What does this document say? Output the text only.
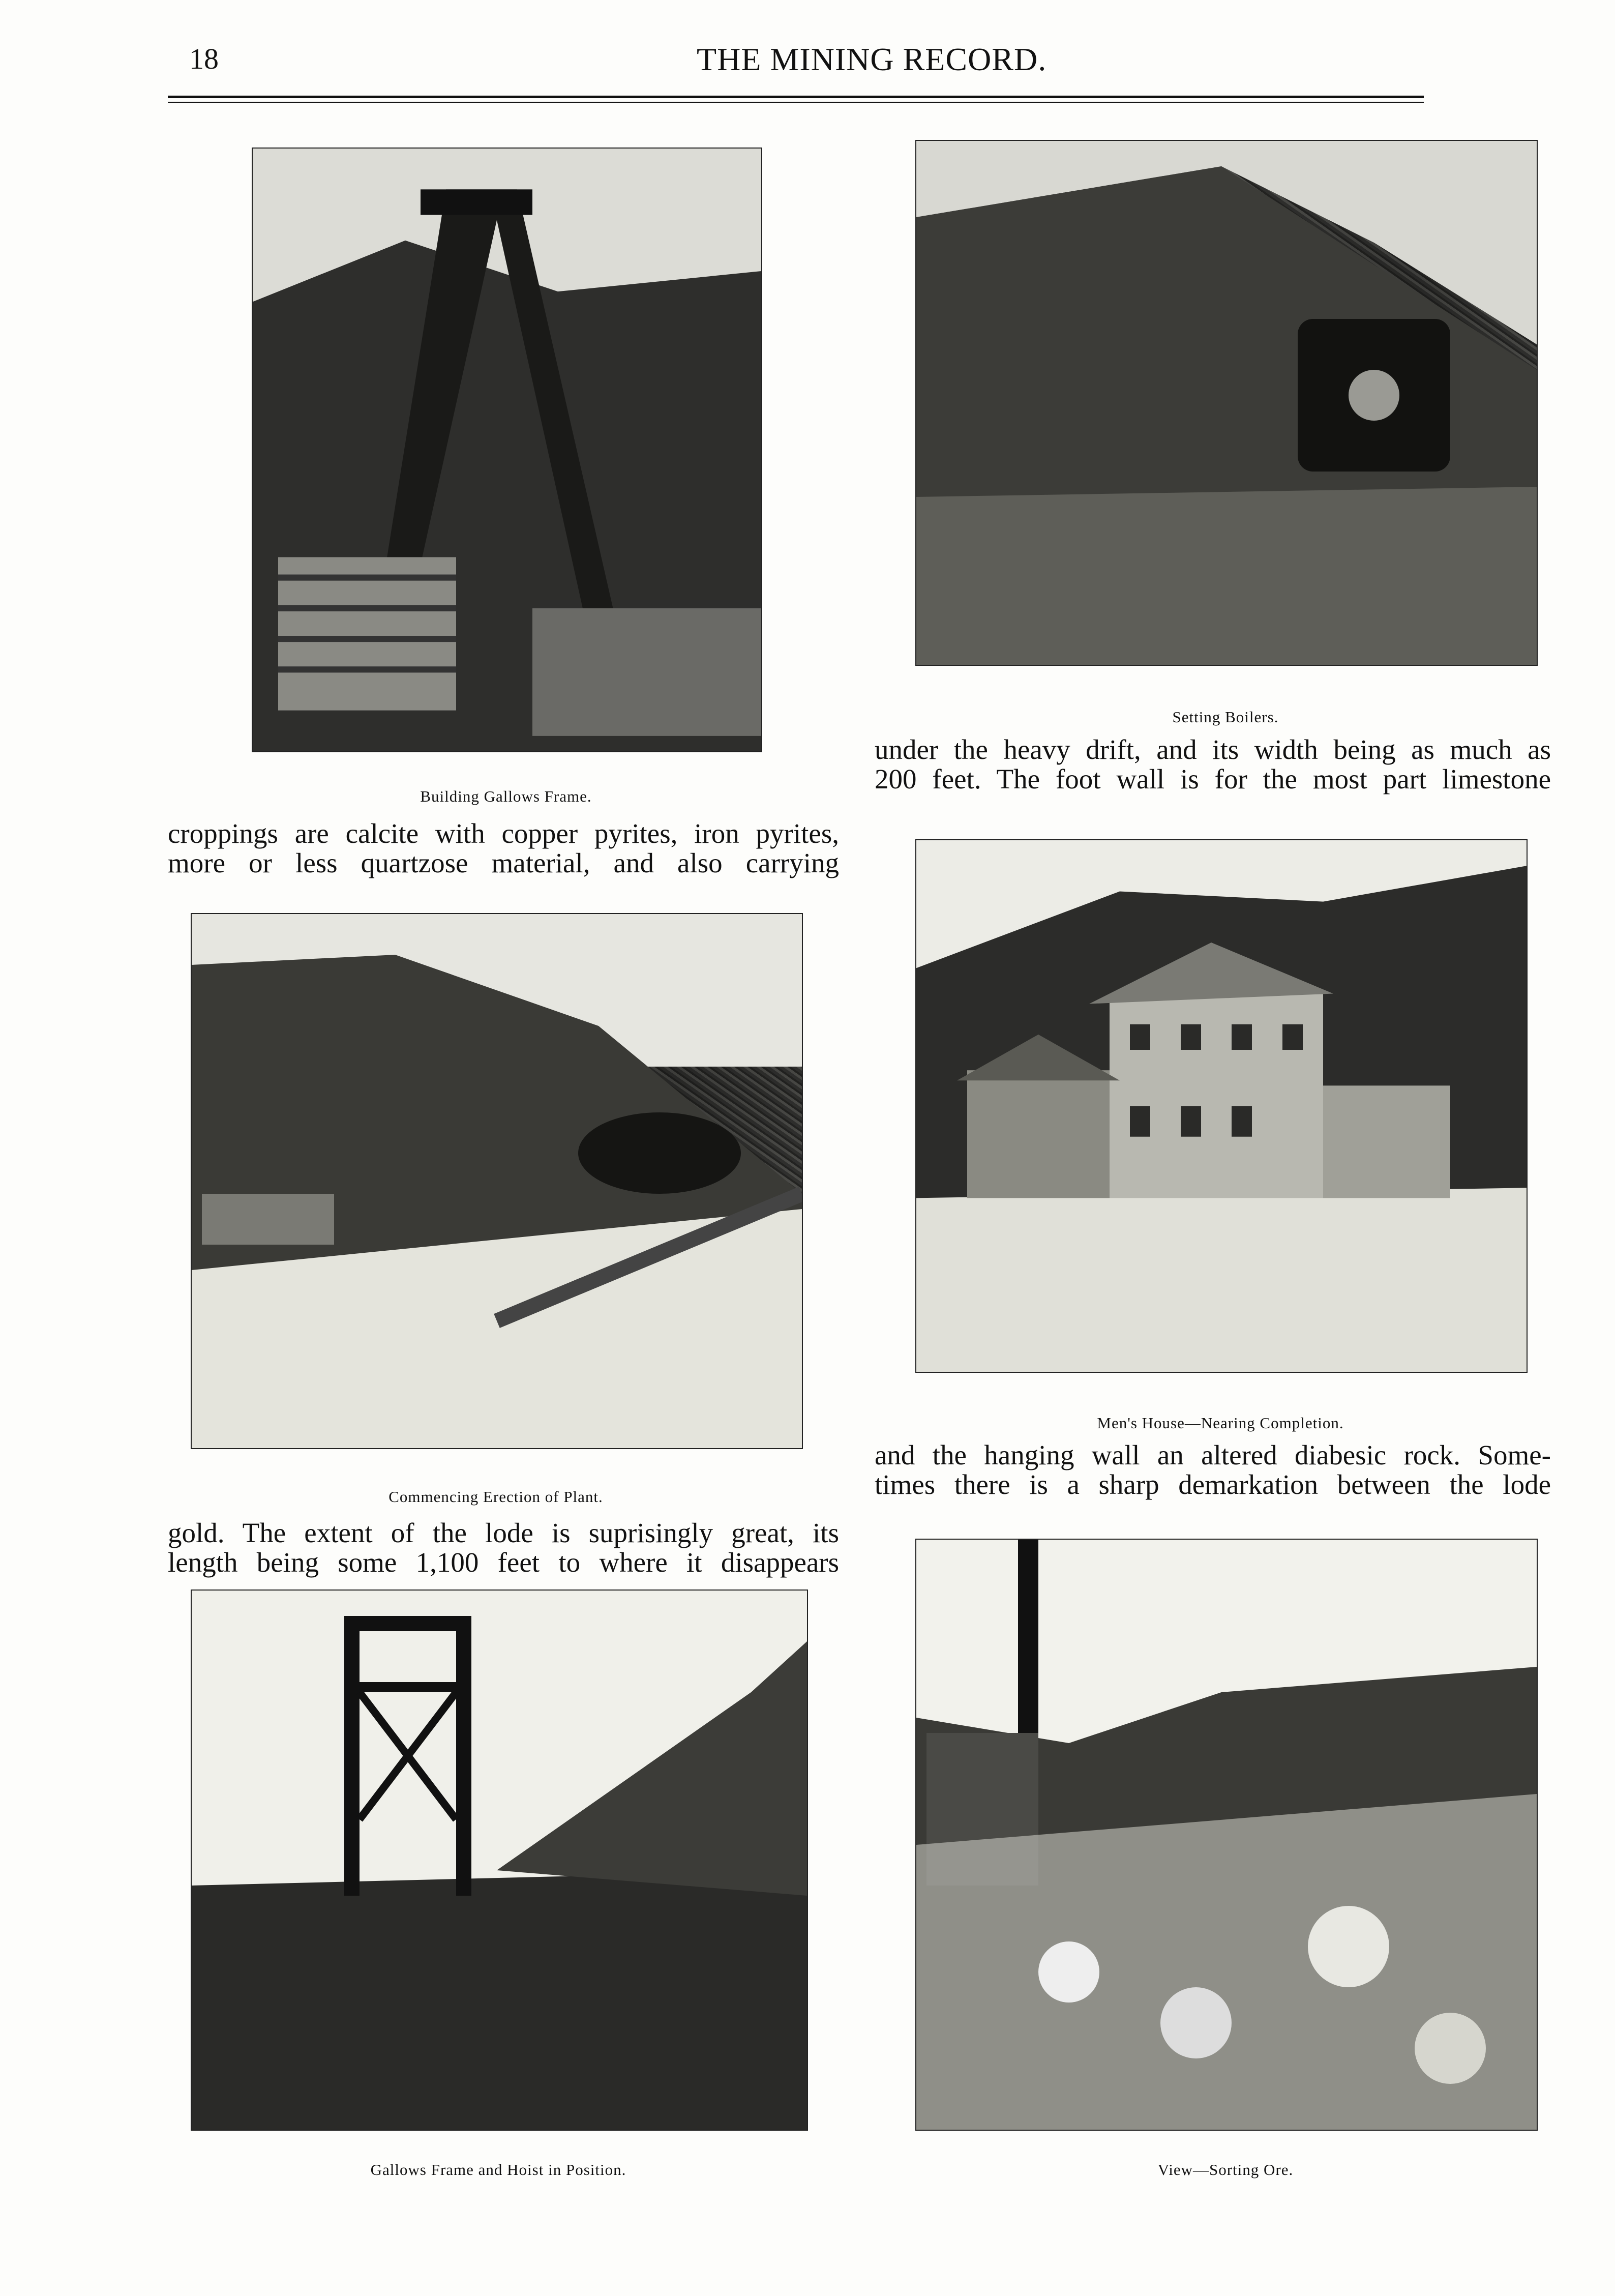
18	THE MINING RECORD.
Building Gallows Frame.
croppings are calcite with copper pyrites, iron pyrites,
more or less quartzose material, and also carrying
Commencing Erection of Plant.
gold. The extent of the lode is suprisingly great, its
length being some 1,100 feet to where it disappears
Gallows Frame and Hoist in Position.
Setting Boilers.
under the heavy drift, and its width being as much as
200 feet. The foot wall is for the most part limestone
Men's House—Nearing Completion.
and the hanging wall an altered diabesic rock. Some-
times there is a sharp demarkation between the lode
View—Sorting Ore.
